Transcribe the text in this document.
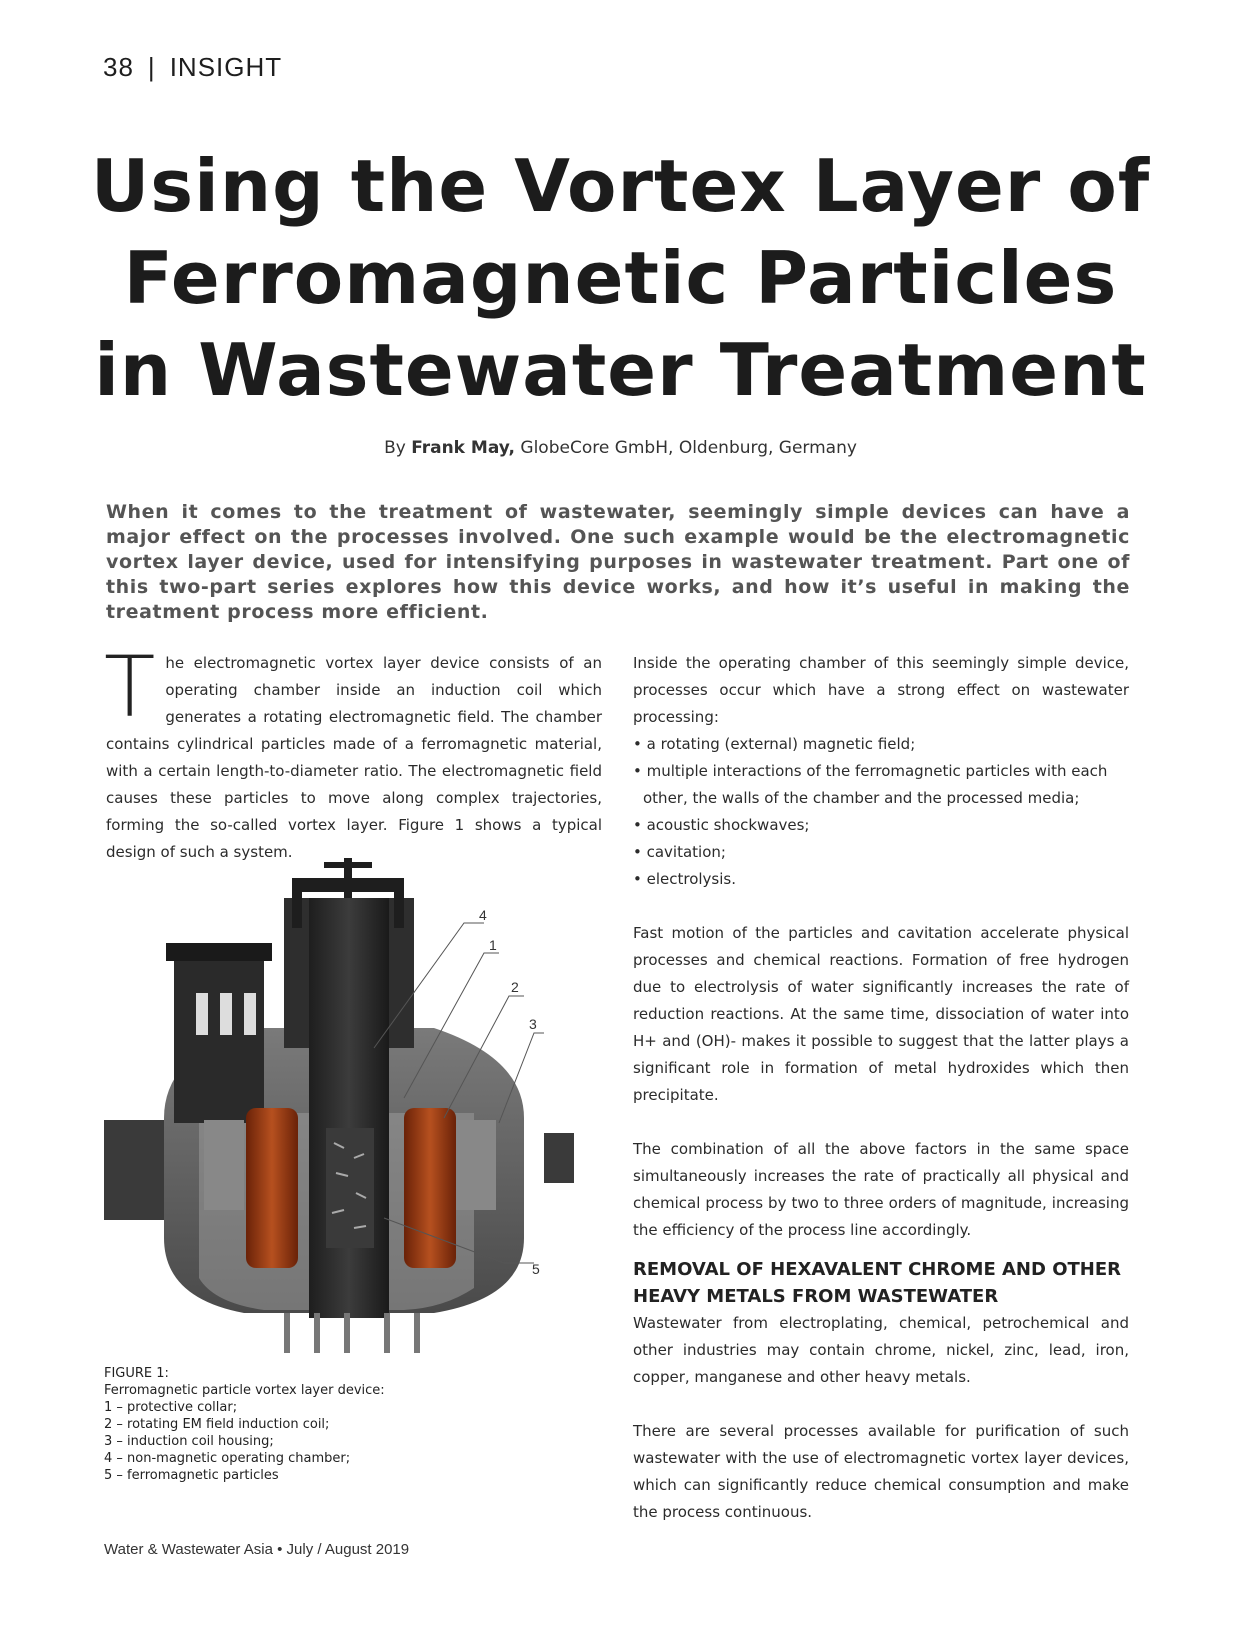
38 | INSIGHT
Using the Vortex Layer of
Ferromagnetic Particles
in Wastewater Treatment
By Frank May, GlobeCore GmbH, Oldenburg, Germany

When it comes to the treatment of wastewater, seemingly simple devices can have a major effect on the processes involved. One such example would be the electromagnetic vortex layer device, used for intensifying purposes in wastewater treatment. Part one of this two-part series explores how this device works, and how it’s useful in making the treatment process more efficient.

The electromagnetic vortex layer device consists of an operating chamber inside an induction coil which generates a rotating electromagnetic field. The chamber contains cylindrical particles made of a ferromagnetic material, with a certain length-to-diameter ratio. The electromagnetic field causes these particles to move along complex trajectories, forming the so-called vortex layer. Figure 1 shows a typical design of such a system.

4
1
2
3
5
FIGURE 1:
Ferromagnetic particle vortex layer device:
1 – protective collar;
2 – rotating EM field induction coil;
3 – induction coil housing;
4 – non-magnetic operating chamber;
5 – ferromagnetic particles

Inside the operating chamber of this seemingly simple device, processes occur which have a strong effect on wastewater processing:

• a rotating (external) magnetic field;
• multiple interactions of the ferromagnetic particles with each other, the walls of the chamber and the processed media;
• acoustic shockwaves;
• cavitation;
• electrolysis.

Fast motion of the particles and cavitation accelerate physical processes and chemical reactions. Formation of free hydrogen due to electrolysis of water significantly increases the rate of reduction reactions. At the same time, dissociation of water into H+ and (OH)- makes it possible to suggest that the latter plays a significant role in formation of metal hydroxides which then precipitate.

The combination of all the above factors in the same space simultaneously increases the rate of practically all physical and chemical process by two to three orders of magnitude, increasing the efficiency of the process line accordingly.

REMOVAL OF HEXAVALENT CHROME AND OTHER HEAVY METALS FROM WASTEWATER

Wastewater from electroplating, chemical, petrochemical and other industries may contain chrome, nickel, zinc, lead, iron, copper, manganese and other heavy metals.

There are several processes available for purification of such wastewater with the use of electromagnetic vortex layer devices, which can significantly reduce chemical consumption and make the process continuous.

Water & Wastewater Asia • July / August 2019
